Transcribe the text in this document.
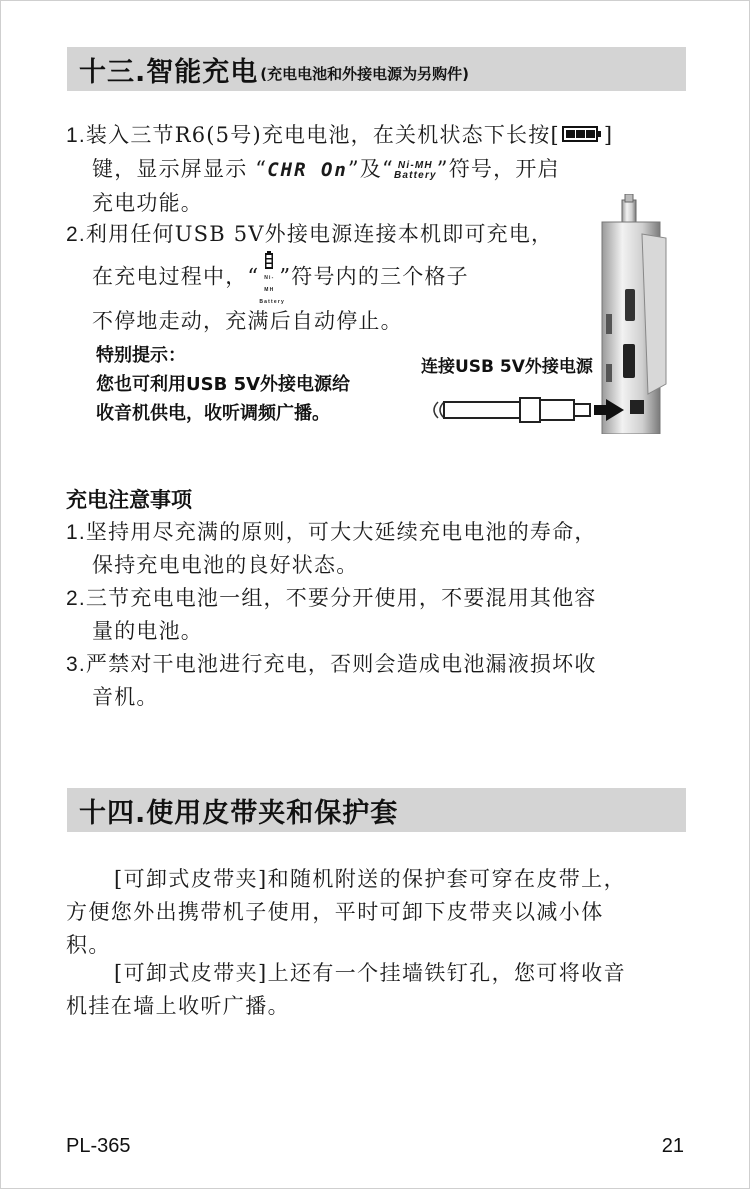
十三.智能充电 (充电电池和外接电源为另购件)
1.装入三节R6(5号)充电电池，在关机状态下长按[ ]
键，显示屏显示 “CHR On”及“ Ni-MH
Battery”符号，开启
充电功能。
2.利用任何USB 5V外接电源连接本机即可充电，
在充电过程中，“ Ni-MH Battery”符号内的三个格子
不停地走动，充满后自动停止。
特别提示：
您也可利用USB 5V外接电源给
收音机供电，收听调频广播。
连接USB 5V外接电源
充电注意事项
1.坚持用尽充满的原则，可大大延续充电电池的寿命，
保持充电电池的良好状态。
2.三节充电电池一组，不要分开使用，不要混用其他容
量的电池。
3.严禁对干电池进行充电，否则会造成电池漏液损坏收
音机。
十四.使用皮带夹和保护套
[可卸式皮带夹]和随机附送的保护套可穿在皮带上，
方便您外出携带机子使用，平时可卸下皮带夹以减小体
积。
[可卸式皮带夹]上还有一个挂墙铁钉孔，您可将收音
机挂在墙上收听广播。
PL-365	21
